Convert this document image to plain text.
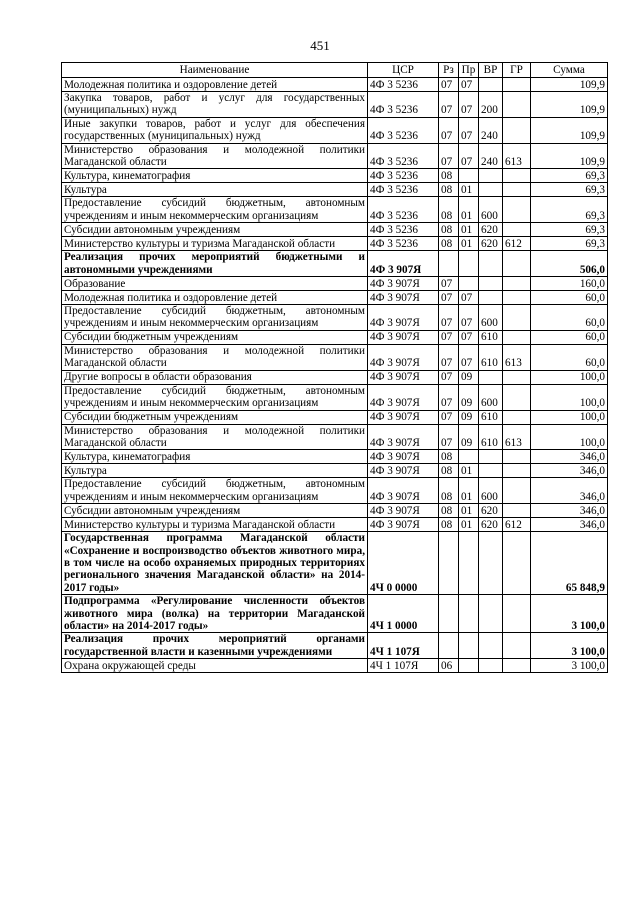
451
Наименование	ЦСР	Рз	Пр	ВР	ГР	Сумма
Молодежная политика и оздоровление детей	4Ф 3 5236	07	07			109,9
Закупка товаров, работ и услуг для государственных (муниципальных) нужд	4Ф 3 5236	07	07	200		109,9
Иные закупки товаров, работ и услуг для обеспечения государственных (муниципальных) нужд	4Ф 3 5236	07	07	240		109,9
Министерство образования и молодежной политики Магаданской области	4Ф 3 5236	07	07	240	613	109,9
Культура, кинематография	4Ф 3 5236	08				69,3
Культура	4Ф 3 5236	08	01			69,3
Предоставление субсидий бюджетным, автономным учреждениям и иным некоммерческим организациям	4Ф 3 5236	08	01	600		69,3
Субсидии автономным учреждениям	4Ф 3 5236	08	01	620		69,3
Министерство культуры и туризма Магаданской области	4Ф 3 5236	08	01	620	612	69,3
Реализация прочих мероприятий бюджетными и автономными учреждениями	4Ф 3 907Я					506,0
Образование	4Ф 3 907Я	07				160,0
Молодежная политика и оздоровление детей	4Ф 3 907Я	07	07			60,0
Предоставление субсидий бюджетным, автономным учреждениям и иным некоммерческим организациям	4Ф 3 907Я	07	07	600		60,0
Субсидии бюджетным учреждениям	4Ф 3 907Я	07	07	610		60,0
Министерство образования и молодежной политики Магаданской области	4Ф 3 907Я	07	07	610	613	60,0
Другие вопросы в области образования	4Ф 3 907Я	07	09			100,0
Предоставление субсидий бюджетным, автономным учреждениям и иным некоммерческим организациям	4Ф 3 907Я	07	09	600		100,0
Субсидии бюджетным учреждениям	4Ф 3 907Я	07	09	610		100,0
Министерство образования и молодежной политики Магаданской области	4Ф 3 907Я	07	09	610	613	100,0
Культура, кинематография	4Ф 3 907Я	08				346,0
Культура	4Ф 3 907Я	08	01			346,0
Предоставление субсидий бюджетным, автономным учреждениям и иным некоммерческим организациям	4Ф 3 907Я	08	01	600		346,0
Субсидии автономным учреждениям	4Ф 3 907Я	08	01	620		346,0
Министерство культуры и туризма Магаданской области	4Ф 3 907Я	08	01	620	612	346,0
Государственная программа Магаданской области «Сохранение и воспроизводство объектов животного мира, в том числе на особо охраняемых природных территориях регионального значения Магаданской области» на 2014-2017 годы»	4Ч 0 0000					65 848,9
Подпрограмма «Регулирование численности объектов животного мира (волка) на территории Магаданской области» на 2014-2017 годы»	4Ч 1 0000					3 100,0
Реализация прочих мероприятий органами государственной власти и казенными учреждениями	4Ч 1 107Я					3 100,0
Охрана окружающей среды	4Ч 1 107Я	06				3 100,0
